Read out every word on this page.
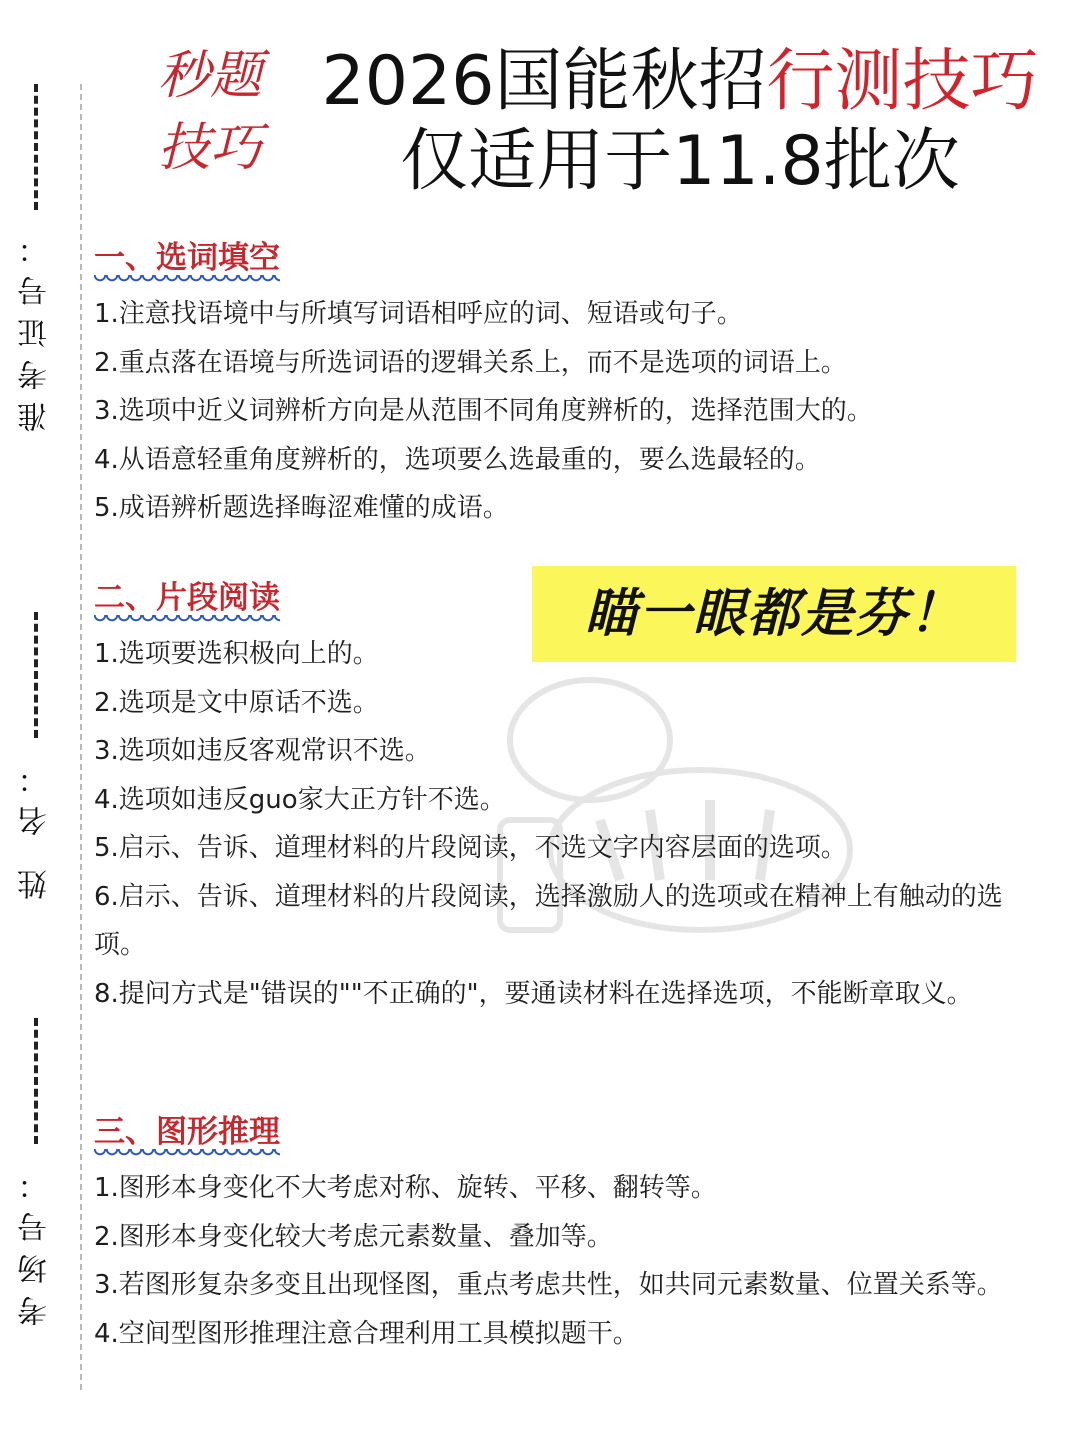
准考证号：
姓 名：
考场号：
秒题
技巧
2026国能秋招行测技巧
仅适用于11.8批次
瞄一眼都是芬！
一、选词填空
1.注意找语境中与所填写词语相呼应的词、短语或句子。
2.重点落在语境与所选词语的逻辑关系上，而不是选项的词语上。
3.选项中近义词辨析方向是从范围不同角度辨析的，选择范围大的。
4.从语意轻重角度辨析的，选项要么选最重的，要么选最轻的。
5.成语辨析题选择晦涩难懂的成语。
二、片段阅读
1.选项要选积极向上的。
2.选项是文中原话不选。
3.选项如违反客观常识不选。
4.选项如违反guo家大正方针不选。
5.启示、告诉、道理材料的片段阅读，不选文字内容层面的选项。
6.启示、告诉、道理材料的片段阅读，选择激励人的选项或在精神上有触动的选项。
8.提问方式是"错误的""不正确的"，要通读材料在选择选项，不能断章取义。
三、图形推理
1.图形本身变化不大考虑对称、旋转、平移、翻转等。
2.图形本身变化较大考虑元素数量、叠加等。
3.若图形复杂多变且出现怪图，重点考虑共性，如共同元素数量、位置关系等。
4.空间型图形推理注意合理利用工具模拟题干。
